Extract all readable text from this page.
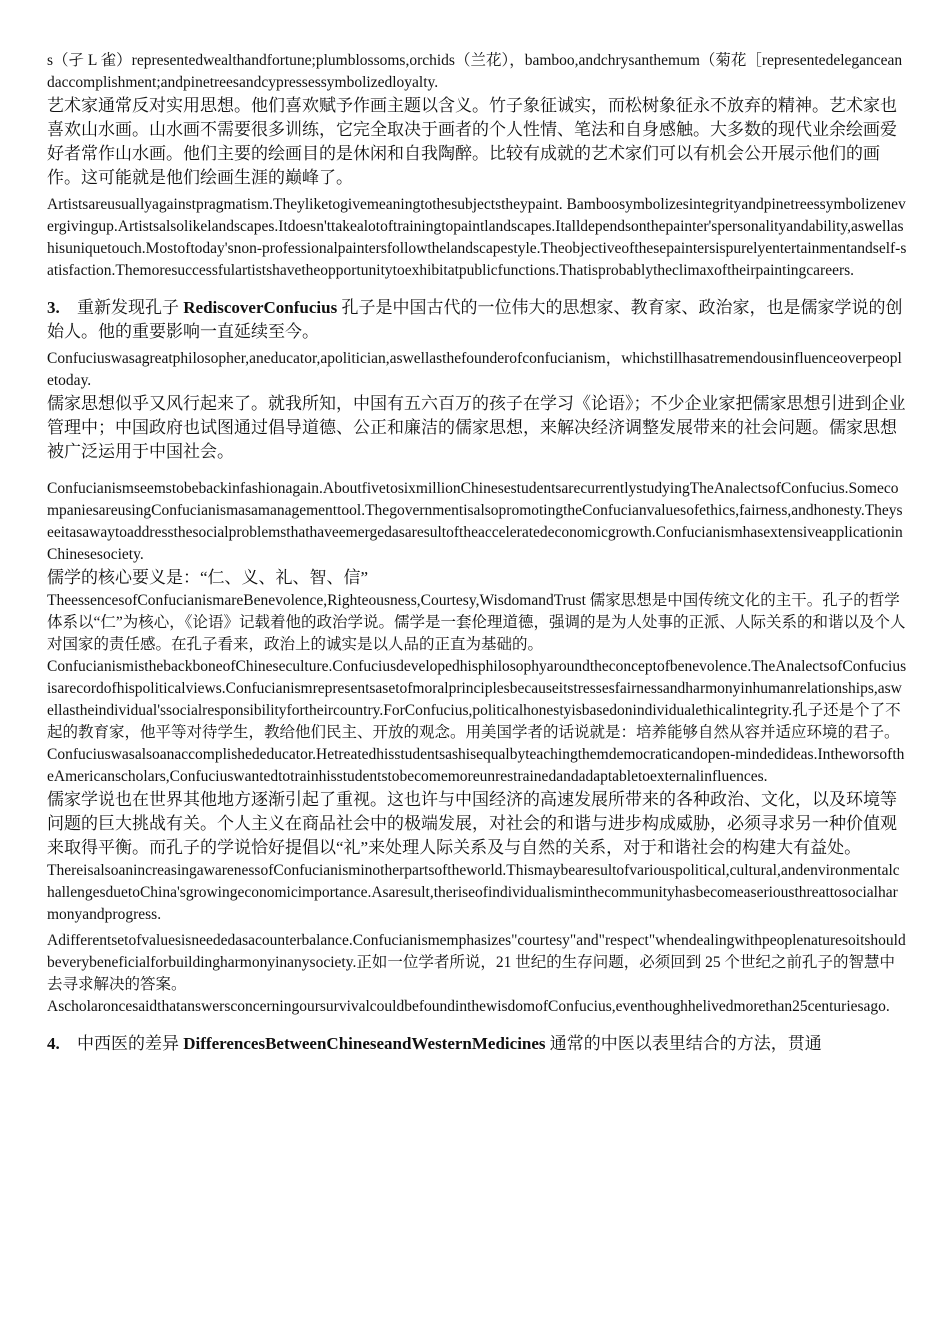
s（孑 L 雀）representedwealthandfortune;plumblossoms,orchids（兰花），bamboo,andchrysanthemum（菊花［representedeleganceandaccomplishment;andpinetreesandcypressessymbolizedloyalty.

艺术家通常反对实用思想。他们喜欢赋予作画主题以含义。竹子象征诚实，而松树象征永不放弃的精神。艺术家也喜欢山水画。山水画不需要很多训练，它完全取决于画者的个人性情、笔法和自身感触。大多数的现代业余绘画爱好者常作山水画。他们主要的绘画目的是休闲和自我陶醉。比较有成就的艺术家们可以有机会公开展示他们的画作。这可能就是他们绘画生涯的巅峰了。

Artistsareusuallyagainstpragmatism.Theyliketogivemeaningtothesubjectstheypaint. Bamboosymbolizesintegrityandpinetreessymbolizenevergivingup.Artistsalsolikelandscapes.Itdoesn'ttakealotoftrainingtopaintlandscapes.Italldependsonthepainter'spersonalityandability,aswellashisuniquetouch.Mostoftoday'snon-professionalpaintersfollowthelandscapestyle.Theobjectiveofthesepaintersispurelyentertainmentandself-satisfaction.Themoresuccessfulartistshavetheopportunitytoexhibitatpublicfunctions.Thatisprobablytheclimaxoftheirpaintingcareers.

3. 重新发现孔子 RediscoverConfucius 孔子是中国古代的一位伟大的思想家、教育家、政治家，也是儒家学说的创始人。他的重要影响一直延续至今。

Confuciuswasagreatphilosopher,aneducator,apolitician,aswellasthefounderofconfucianism，whichstillhasatremendousinfluenceoverpeopletoday.

儒家思想似乎又风行起来了。就我所知，中国有五六百万的孩子在学习《论语》；不少企业家把儒家思想引进到企业管理中；中国政府也试图通过倡导道德、公正和廉洁的儒家思想，来解决经济调整发展带来的社会问题。儒家思想被广泛运用于中国社会。

Confucianismseemstobebackinfashionagain.AboutfivetosixmillionChinesestudentsarecurrentlystudyingTheAnalectsofConfucius.SomecompaniesareusingConfucianismasamanagementtool.ThegovernmentisalsopromotingtheConfucianvaluesofethics,fairness,andhonesty.Theyseeitasawaytoaddressthesocialproblemsthathaveemergedasaresultoftheacceleratedeconomicgrowth.ConfucianismhasextensiveapplicationinChinesesociety.

儒学的核心要义是：“仁、义、礼、智、信”

TheessencesofConfucianismareBenevolence,Righteousness,Courtesy,WisdomandTrust 儒家思想是中国传统文化的主干。孔子的哲学体系以“仁”为核心，《论语》记载着他的政治学说。儒学是一套伦理道德，强调的是为人处事的正派、人际关系的和谐以及个人对国家的责任感。在孔子看来，政治上的诚实是以人品的正直为基础的。

ConfucianismisthebackboneofChineseculture.Confuciusdevelopedhisphilosophyaroundtheconceptofbenevolence.TheAnalectsofConfuciusisarecordofhispoliticalviews.Confucianismrepresentsasetofmoralprinciplesbecauseitstressesfairnessandharmonyinhumanrelationships,aswellastheindividual'ssocialresponsibilityfortheircountry.ForConfucius,politicalhonestyisbasedonindividualethicalintegrity.孔子还是个了不起的教育家，他平等对待学生，教给他们民主、开放的观念。用美国学者的话说就是：培养能够自然从容并适应环境的君子。

Confuciuswasalsoanaccomplishededucator.Hetreatedhisstudentsashisequalbyteachingthemdemocraticandopen-mindedideas.IntheworsoftheAmericanscholars,Confuciuswantedtotrainhisstudentstobecomemoreunrestrainedandadaptabletoexternalinfluences.

儒家学说也在世界其他地方逐渐引起了重视。这也许与中国经济的高速发展所带来的各种政治、文化，以及环境等问题的巨大挑战有关。个人主义在商品社会中的极端发展，对社会的和谐与进步构成威胁，必须寻求另一种价值观来取得平衡。而孔子的学说恰好提倡以“礼”来处理人际关系及与自然的关系，对于和谐社会的构建大有益处。

ThereisalsoanincreasingawarenessofConfucianisminotherpartsoftheworld.Thismaybearesultofvariouspolitical,cultural,andenvironmentalchallengesduetoChina'sgrowingeconomicimportance.Asaresult,theriseofindividualisminthecommunityhasbecomeaseriousthreattosocialharmonyandprogress.

Adifferentsetofvaluesisneededasacounterbalance.Confucianismemphasizes"courtesy"and"respect"whendealingwithpeoplenaturesoitshouldbeverybeneficialforbuildingharmonyinanysociety.正如一位学者所说，21 世纪的生存问题，必须回到 25 个世纪之前孔子的智慧中去寻求解决的答案。

AscholaroncesaidthatanswersconcerningoursurvivalcouldbefoundinthewisdomofConfucius,eventhoughhelivedmorethan25centuriesago.

4. 中西医的差异 DifferencesBetweenChineseandWesternMedicines 通常的中医以表里结合的方法，贯通
